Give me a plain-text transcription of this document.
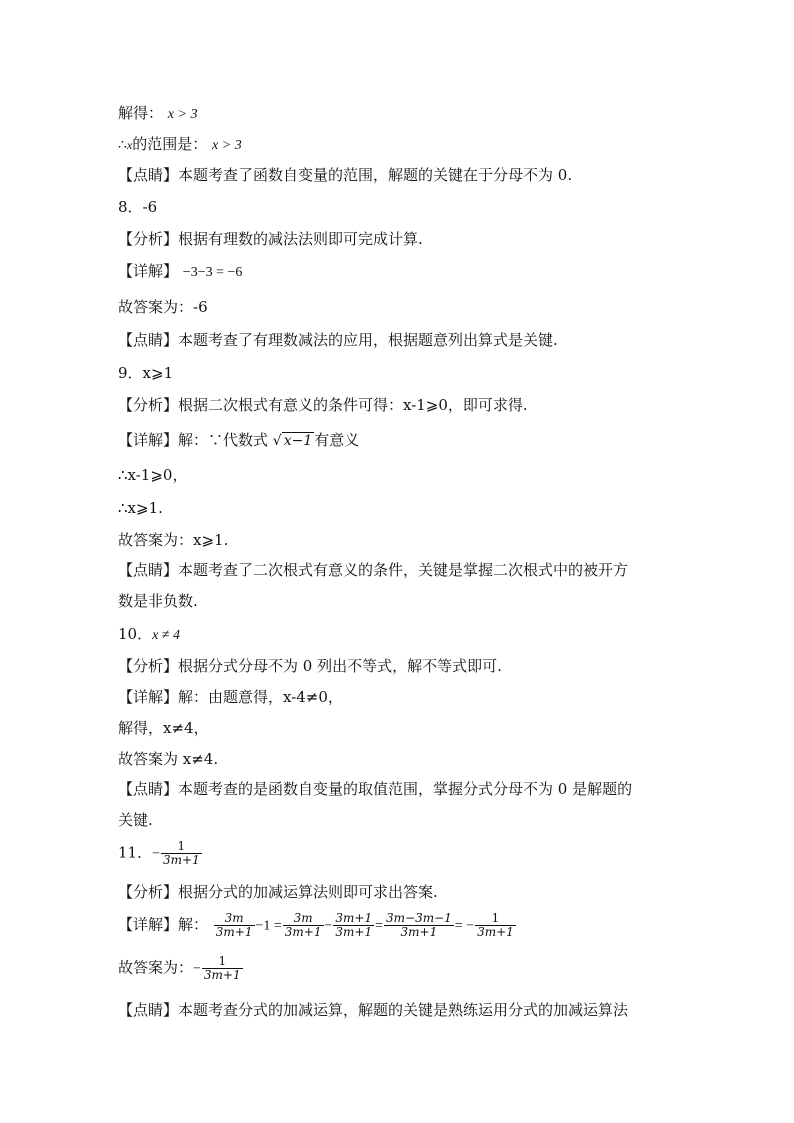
解得： x > 3
∴x的范围是： x > 3
【点睛】本题考查了函数自变量的范围，解题的关键在于分母不为 0.
8．-6
【分析】根据有理数的减法法则即可完成计算.
【详解】 −3−3 = −6
故答案为：-6
【点睛】本题考查了有理数减法的应用，根据题意列出算式是关键.
9．x⩾1
【分析】根据二次根式有意义的条件可得：x-1⩾0，即可求得.
【详解】解：∵代数式 √ x−1 有意义
∴x-1⩾0，
∴x⩾1.
故答案为：x⩾1.
【点睛】本题考查了二次根式有意义的条件，关键是掌握二次根式中的被开方
数是非负数.
10．x ≠ 4
【分析】根据分式分母不为 0 列出不等式，解不等式即可.
【详解】解：由题意得，x-4≠0，
解得，x≠4，
故答案为 x≠4.
【点睛】本题考查的是函数自变量的取值范围，掌握分式分母不为 0 是解题的
关键.
11．− $\frac{1}{3m+1}$
【分析】根据分式的加减运算法则即可求出答案.
【详解】解： $\frac{3m}{3m+1} -1 = \frac{3m}{3m+1} - \frac{3m+1}{3m+1} = \frac{3m-3m-1}{3m+1}$ = − $\frac{1}{3m+1}$
故答案为：− $\frac{1}{3m+1}$
【点睛】本题考查分式的加减运算，解题的关键是熟练运用分式的加减运算法
